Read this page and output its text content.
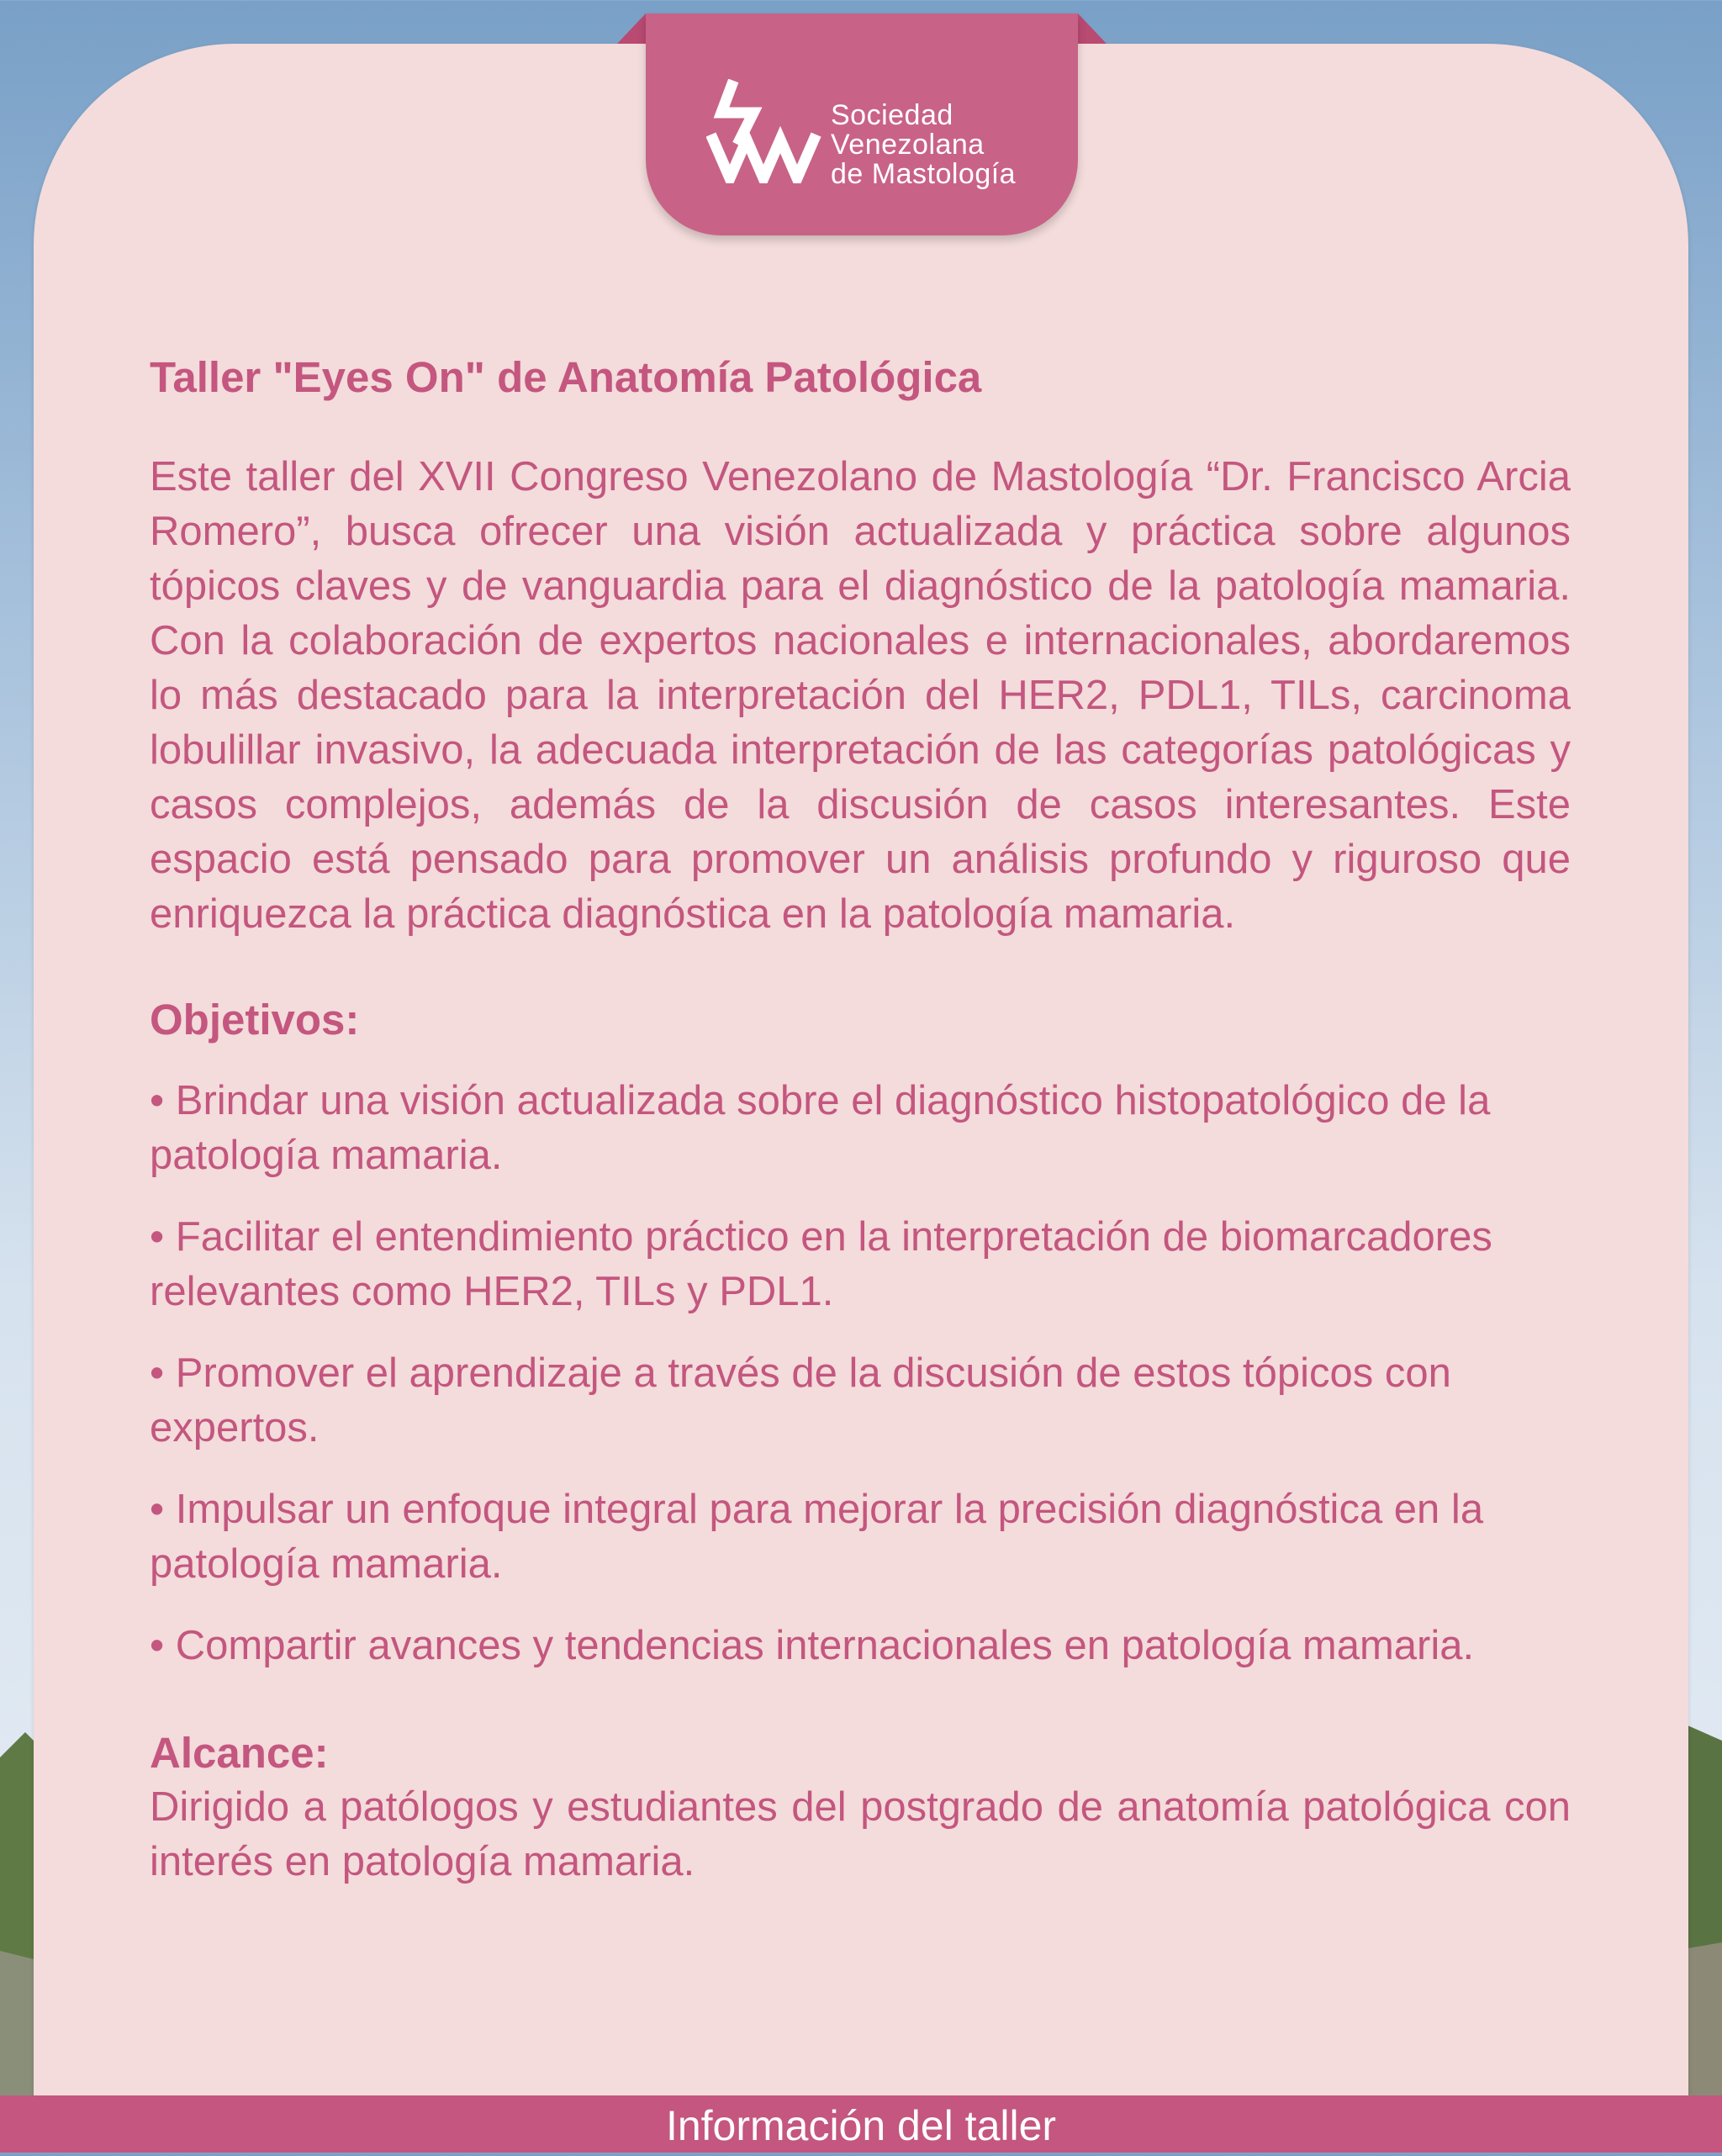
Sociedad
Venezolana
de Mastología
Taller "Eyes On" de Anatomía Patológica

Este taller del XVII Congreso Venezolano de Mastología “Dr. Francisco Arcia Romero”, busca ofrecer una visión actualizada y práctica sobre algunos tópicos claves y de vanguardia para el diagnóstico de la patología mamaria. Con la colaboración de expertos nacionales e internacionales, abordaremos lo más destacado para la interpretación del HER2, PDL1, TILs, carcinoma lobulillar invasivo, la adecuada interpretación de las categorías patológicas y casos complejos, además de la discusión de casos interesantes. Este espacio está pensado para promover un análisis profundo y riguroso que enriquezca la práctica diagnóstica en la patología mamaria.

Objetivos:
• Brindar una visión actualizada sobre el diagnóstico histopatológico de la patología mamaria.
• Facilitar el entendimiento práctico en la interpretación de biomarcadores relevantes como HER2, TILs y PDL1.
• Promover el aprendizaje a través de la discusión de estos tópicos con expertos.
• Impulsar un enfoque integral para mejorar la precisión diagnóstica en la patología mamaria.
• Compartir avances y tendencias internacionales en patología mamaria.
Alcance:

Dirigido a patólogos y estudiantes del postgrado de anatomía patológica con interés en patología mamaria.

Información del taller
